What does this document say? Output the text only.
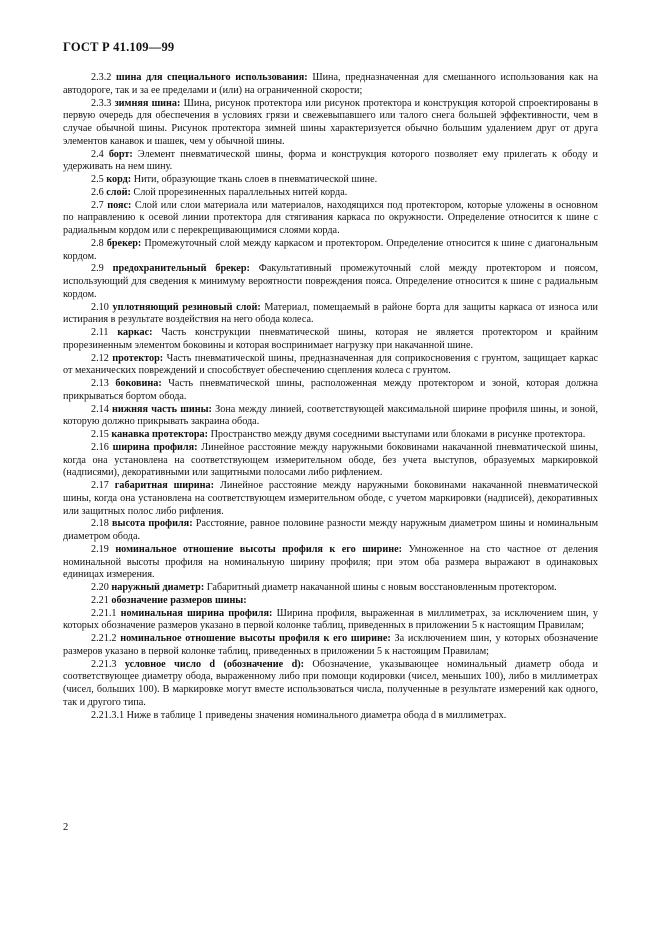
ГОСТ Р 41.109—99

2.3.2 шина для специального использования: Шина, предназначенная для смешанного использования как на автодороге, так и за ее пределами и (или) на ограниченной скорости;

2.3.3 зимняя шина: Шина, рисунок протектора или рисунок протектора и конструкция которой спроектированы в первую очередь для обеспечения в условиях грязи и свежевыпавшего или талого снега большей эффективности, чем в случае обычной шины. Рисунок протектора зимней шины характеризуется обычно большим удалением друг от друга элементов канавок и шашек, чем у обычной шины.

2.4 борт: Элемент пневматической шины, форма и конструкция которого позволяет ему прилегать к ободу и удерживать на нем шину.

2.5 корд: Нити, образующие ткань слоев в пневматической шине.

2.6 слой: Слой прорезиненных параллельных нитей корда.

2.7 пояс: Слой или слои материала или материалов, находящихся под протектором, которые уложены в основном по направлению к осевой линии протектора для стягивания каркаса по окружности. Определение относится к шине с радиальным кордом или с перекрещивающимися слоями корда.

2.8 брекер: Промежуточный слой между каркасом и протектором. Определение относится к шине с диагональным кордом.

2.9 предохранительный брекер: Факультативный промежуточный слой между протектором и поясом, использующий для сведения к минимуму вероятности повреждения пояса. Определение относится к шине с радиальным кордом.

2.10 уплотняющий резиновый слой: Материал, помещаемый в районе борта для защиты каркаса от износа или истирания в результате воздействия на него обода колеса.

2.11 каркас: Часть конструкции пневматической шины, которая не является протектором и крайним прорезиненным элементом боковины и которая воспринимает нагрузку при накачанной шине.

2.12 протектор: Часть пневматической шины, предназначенная для соприкосновения с грунтом, защищает каркас от механических повреждений и способствует обеспечению сцепления колеса с грунтом.

2.13 боковина: Часть пневматической шины, расположенная между протектором и зоной, которая должна прикрываться бортом обода.

2.14 нижняя часть шины: Зона между линией, соответствующей максимальной ширине профиля шины, и зоной, которую должно прикрывать закраина обода.

2.15 канавка протектора: Пространство между двумя соседними выступами или блоками в рисунке протектора.

2.16 ширина профиля: Линейное расстояние между наружными боковинами накачанной пневматической шины, когда она установлена на соответствующем измерительном ободе, без учета выступов, образуемых маркировкой (надписями), декоративными или защитными полосами либо рифлением.

2.17 габаритная ширина: Линейное расстояние между наружными боковинами накачанной пневматической шины, когда она установлена на соответствующем измерительном ободе, с учетом маркировки (надписей), декоративных или защитных полос либо рифления.

2.18 высота профиля: Расстояние, равное половине разности между наружным диаметром шины и номинальным диаметром обода.

2.19 номинальное отношение высоты профиля к его ширине: Умноженное на сто частное от деления номинальной высоты профиля на номинальную ширину профиля; при этом оба размера выражают в одинаковых единицах измерения.

2.20 наружный диаметр: Габаритный диаметр накачанной шины с новым восстановленным протектором.

2.21 обозначение размеров шины:

2.21.1 номинальная ширина профиля: Ширина профиля, выраженная в миллиметрах, за исключением шин, у которых обозначение размеров указано в первой колонке таблиц, приведенных в приложении 5 к настоящим Правилам;

2.21.2 номинальное отношение высоты профиля к его ширине: За исключением шин, у которых обозначение размеров указано в первой колонке таблиц, приведенных в приложении 5 к настоящим Правилам;

2.21.3 условное число d (обозначение d): Обозначение, указывающее номинальный диаметр обода и соответствующее диаметру обода, выраженному либо при помощи кодировки (чисел, меньших 100), либо в миллиметрах (чисел, больших 100). В маркировке могут вместе использоваться числа, полученные в результате измерений как одного, так и другого типа.

2.21.3.1 Ниже в таблице 1 приведены значения номинального диаметра обода d в миллиметрах.

2
